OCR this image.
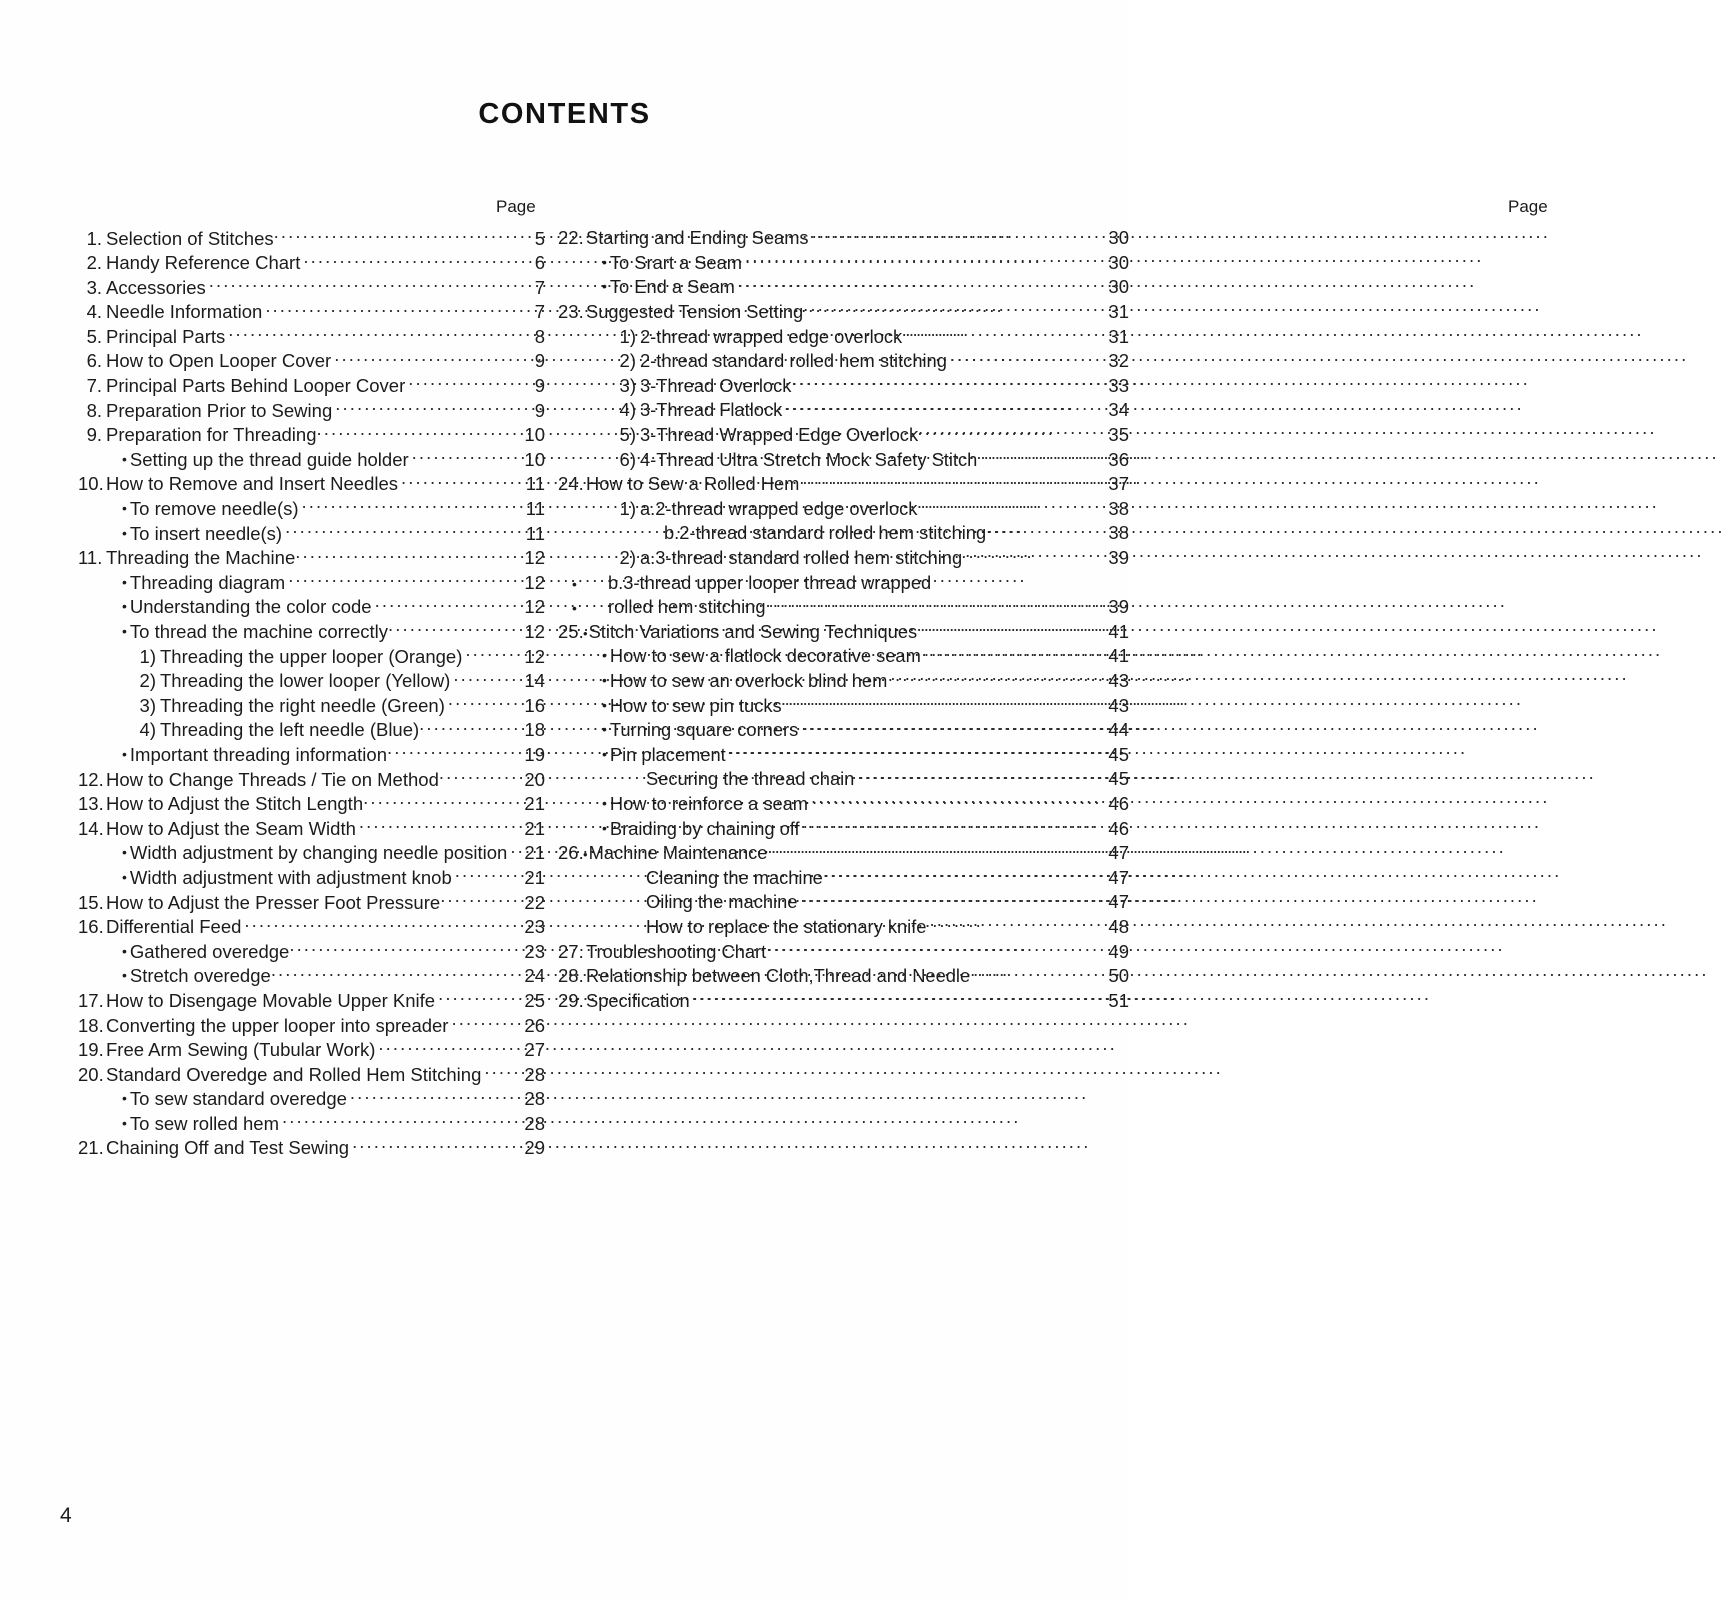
CONTENTS
Page
1. Selection of Stitches .....	5
2. Handy Reference Chart .....	6
3. Accessories .....	7
4. Needle Information .....	7
5. Principal Parts .....	8
6. How to Open Looper Cover .....	9
7. Principal Parts Behind Looper Cover .....	9
8. Preparation Prior to Sewing .....	9
9. Preparation for Threading .....	10
• Setting up the thread guide holder .....	10
10. How to Remove and Insert Needles .....	11
• To remove needle(s) .....	11
• To insert needle(s) .....	11
11. Threading the Machine .....	12
• Threading diagram .....	12
• Understanding the color code .....	12
• To thread the machine correctly .....	12
1) Threading the upper looper (Orange) .....	12
2) Threading the lower looper (Yellow) .....	14
3) Threading the right needle (Green) .....	16
4) Threading the left needle (Blue) .....	18
• Important threading information .....	19
12. How to Change Threads / Tie on Method .....	20
13. How to Adjust the Stitch Length .....	21
14. How to Adjust the Seam Width .....	21
• Width adjustment by changing needle position ..... 21
• Width adjustment with adjustment knob .....	21
15. How to Adjust the Presser Foot Pressure .....	22
16. Differential Feed .....	23
• Gathered overedge .....	23
• Stretch overedge .....	24
17. How to Disengage Movable Upper Knife .....	25
18. Converting the upper looper into spreader .....	26
19. Free Arm Sewing (Tubular Work) .....	27
20. Standard Overedge and Rolled Hem Stitching ..... 28
• To sew standard overedge .....	28
• To sew rolled hem .....	28
21. Chaining Off and Test Sewing .....	29
Page
22. Starting and Ending Seams .....	30
• To Srart a Seam .....	30
• To End a Seam .....	30
23. Suggested Tension Setting .....	31
1) 2-thread wrapped edge overlock .....	31
2) 2-thread standard rolled hem stitching .....	32
3) 3-Thread Overlock .....	33
4) 3-Thread Flatlock .....	34
5) 3-Thread Wrapped Edge Overlock .....	35
6) 4-Thread Ultra Stretch Mock Safety Stitch .....	36
24. How to Sew a Rolled Hem .....	37
1) a.2-thread wrapped edge overlock .....	38
b.2-thread standard rolled hem stitching .....	38
2) a.3-thread standard rolled hem stitching .....	39
•	b.3-thread upper looper thread wrapped
•	rolled hem stitching .....	39
25. • Stitch Variations and Sewing Techniques .....	41
• How to sew a flatlock decorative seam .....	41
• How to sew an overlock blind hem .....	43
• How to sew pin tucks .....	43
• Turning square corners .....	44
• Pin placement .....	45
Securing the thread chain .....	45
• How to reinforce a seam .....	46
• Braiding by chaining off .....	46
26. • Machine Maintenance .....	47
Cleaning the machine .....	47
Oiling the machine .....	47
How to replace the stationary knife .....	48
27. Troubleshooting Chart .....	49
28. Relationship between Cloth,Thread and Needle .....	50
29. Specification .....	51
4
